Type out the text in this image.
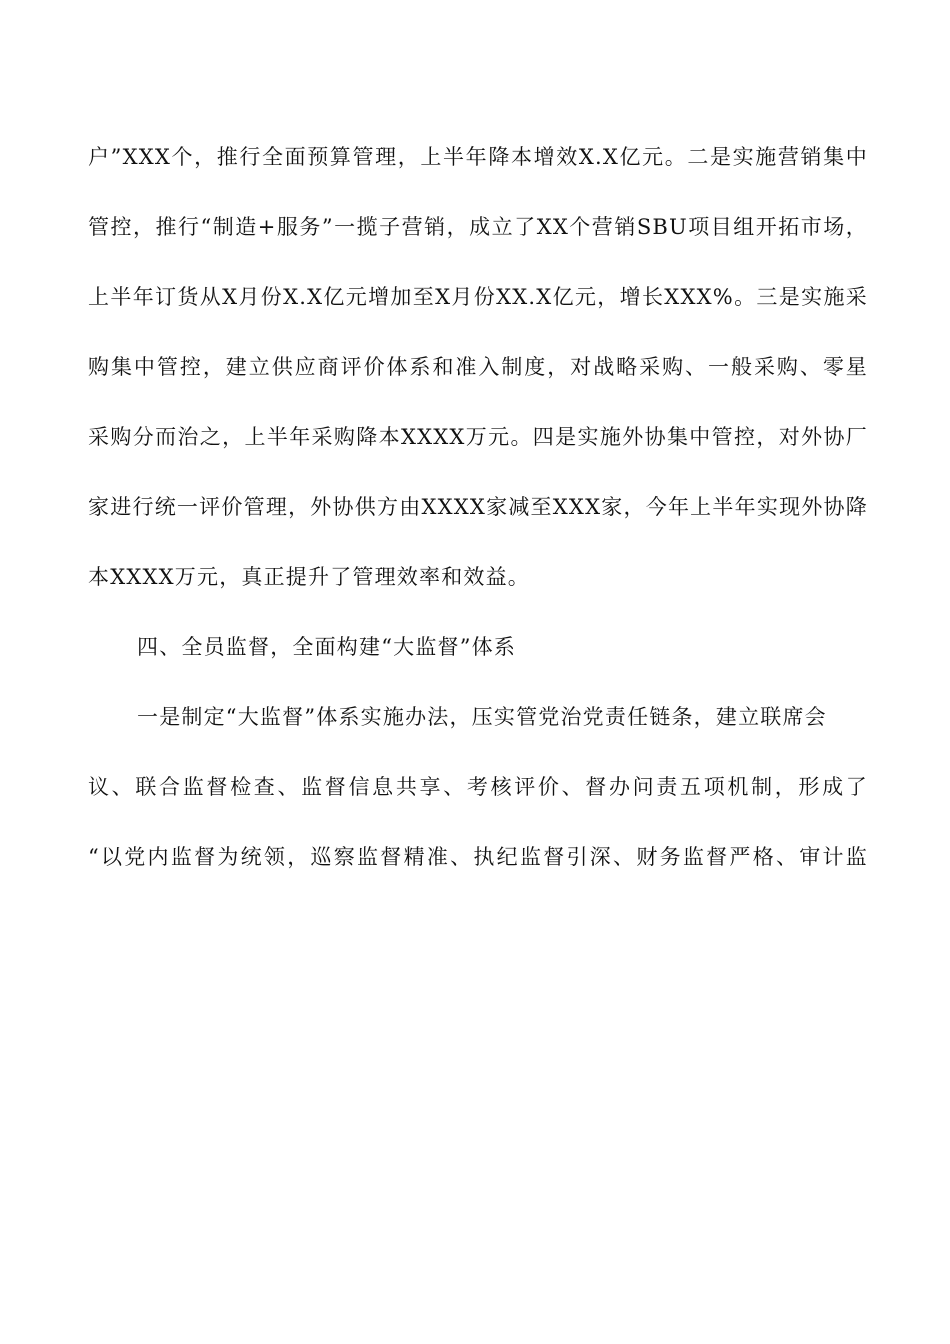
户”XXX个，推行全面预算管理，上半年降本增效X.X亿元。二是实施营销集中
管控，推行“制造+服务”一揽子营销，成立了XX个营销SBU项目组开拓市场，
上半年订货从X月份X.X亿元增加至X月份XX.X亿元，增长XXX%。三是实施采
购集中管控，建立供应商评价体系和准入制度，对战略采购、一般采购、零星
采购分而治之，上半年采购降本XXXX万元。四是实施外协集中管控，对外协厂
家进行统一评价管理，外协供方由XXXX家减至XXX家，今年上半年实现外协降
本XXXX万元，真正提升了管理效率和效益。
四、全员监督，全面构建“大监督”体系
一是制定“大监督”体系实施办法，压实管党治党责任链条，建立联席会
议、联合监督检查、监督信息共享、考核评价、督办问责五项机制，形成了
“以党内监督为统领，巡察监督精准、执纪监督引深、财务监督严格、审计监
